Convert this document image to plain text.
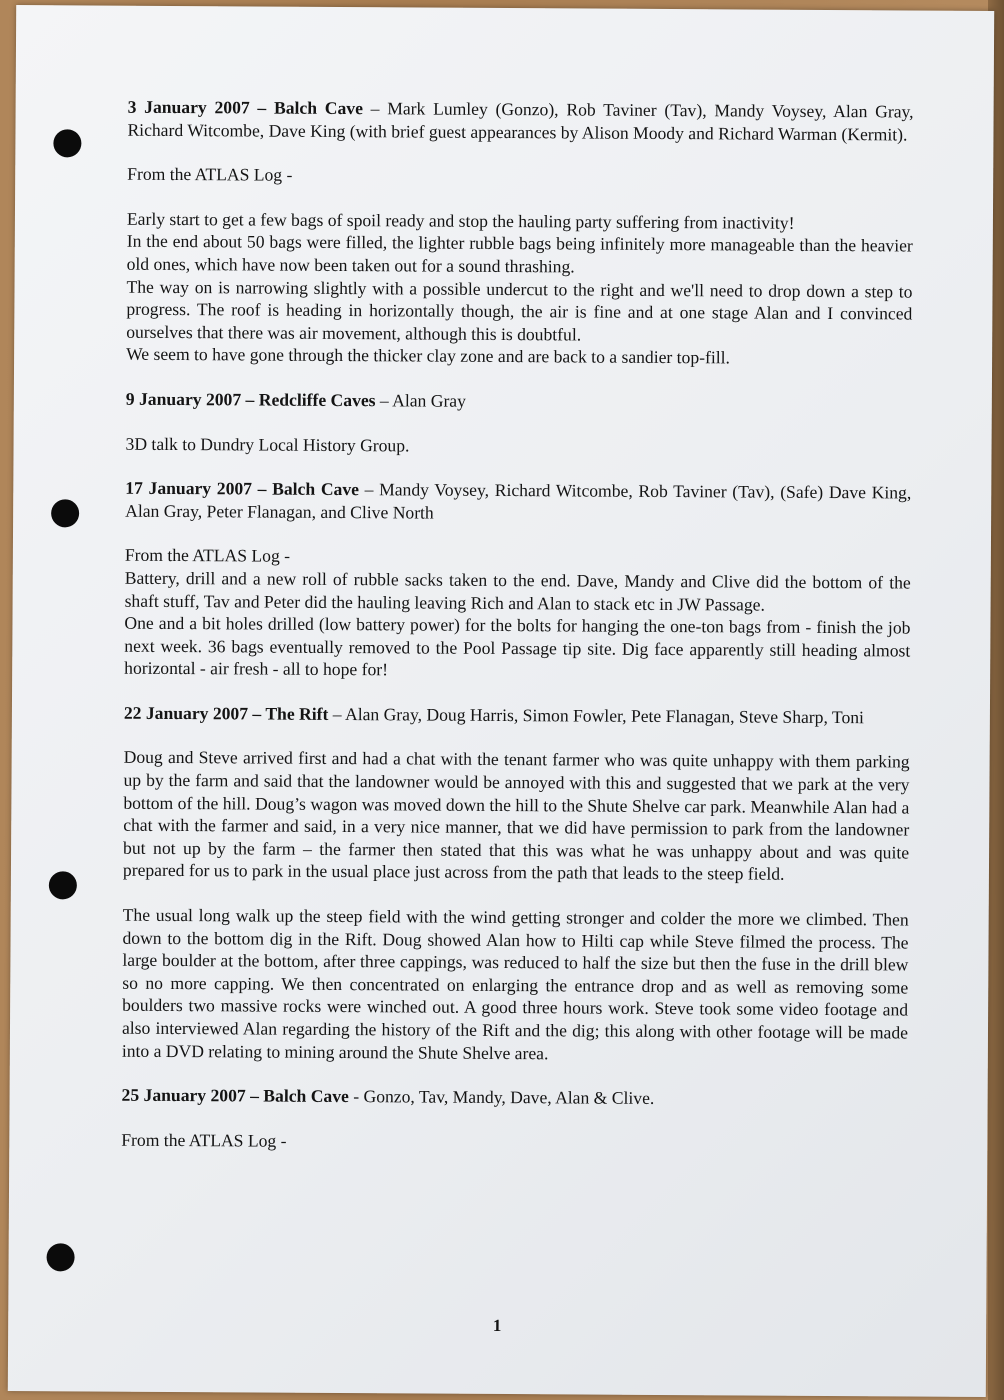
3 January 2007 – Balch Cave – Mark Lumley (Gonzo), Rob Taviner (Tav), Mandy Voysey, Alan Gray, Richard Witcombe, Dave King (with brief guest appearances by Alison Moody and Richard Warman (Kermit).

From the ATLAS Log -

Early start to get a few bags of spoil ready and stop the hauling party suffering from inactivity!

In the end about 50 bags were filled, the lighter rubble bags being infinitely more manageable than the heavier old ones, which have now been taken out for a sound thrashing.

The way on is narrowing slightly with a possible undercut to the right and we'll need to drop down a step to progress. The roof is heading in horizontally though, the air is fine and at one stage Alan and I convinced ourselves that there was air movement, although this is doubtful.

We seem to have gone through the thicker clay zone and are back to a sandier top-fill.

9 January 2007 – Redcliffe Caves – Alan Gray

3D talk to Dundry Local History Group.

17 January 2007 – Balch Cave – Mandy Voysey, Richard Witcombe, Rob Taviner (Tav), (Safe) Dave King, Alan Gray, Peter Flanagan, and Clive North

From the ATLAS Log -

Battery, drill and a new roll of rubble sacks taken to the end. Dave, Mandy and Clive did the bottom of the shaft stuff, Tav and Peter did the hauling leaving Rich and Alan to stack etc in JW Passage.

One and a bit holes drilled (low battery power) for the bolts for hanging the one-ton bags from - finish the job next week. 36 bags eventually removed to the Pool Passage tip site. Dig face apparently still heading almost horizontal - air fresh - all to hope for!

22 January 2007 – The Rift – Alan Gray, Doug Harris, Simon Fowler, Pete Flanagan, Steve Sharp, Toni

Doug and Steve arrived first and had a chat with the tenant farmer who was quite unhappy with them parking up by the farm and said that the landowner would be annoyed with this and suggested that we park at the very bottom of the hill. Doug’s wagon was moved down the hill to the Shute Shelve car park. Meanwhile Alan had a chat with the farmer and said, in a very nice manner, that we did have permission to park from the landowner but not up by the farm – the farmer then stated that this was what he was unhappy about and was quite prepared for us to park in the usual place just across from the path that leads to the steep field.

The usual long walk up the steep field with the wind getting stronger and colder the more we climbed. Then down to the bottom dig in the Rift. Doug showed Alan how to Hilti cap while Steve filmed the process. The large boulder at the bottom, after three cappings, was reduced to half the size but then the fuse in the drill blew so no more capping. We then concentrated on enlarging the entrance drop and as well as removing some boulders two massive rocks were winched out. A good three hours work. Steve took some video footage and also interviewed Alan regarding the history of the Rift and the dig; this along with other footage will be made into a DVD relating to mining around the Shute Shelve area.

25 January 2007 – Balch Cave - Gonzo, Tav, Mandy, Dave, Alan & Clive.

From the ATLAS Log -

1
